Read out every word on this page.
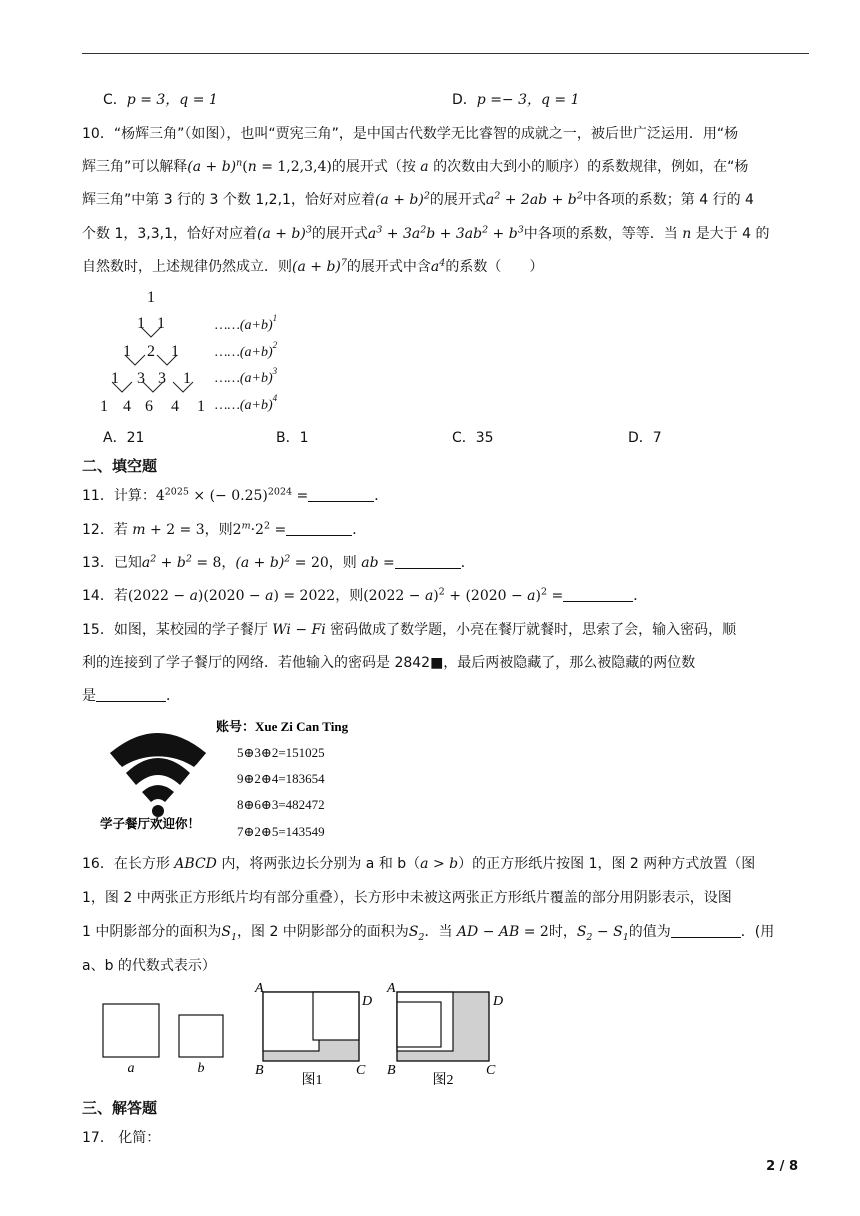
C．p = 3，q = 1	D．p =− 3，q = 1
10．“杨辉三角”（如图），也叫“贾宪三角”，是中国古代数学无比睿智的成就之一，被后世广泛运用．用“杨
辉三角”可以解释$(a + b)^n(n = 1,2,3,4)$的展开式（按 a 的次数由大到小的顺序）的系数规律，例如，在“杨
辉三角”中第 3 行的 3 个数 1,2,1，恰好对应着$(a + b)^2$的展开式$a^2 + 2ab + b^2$中各项的系数；第 4 行的 4
个数 1，3,3,1，恰好对应着$(a + b)^3$的展开式$a^3 + 3a^2b + 3ab^2 + b^3$中各项的系数，等等．当 n 是大于 4 的
自然数时，上述规律仍然成立．则$(a + b)^7$的展开式中含$a^4$的系数（　　）
1
1 1
1 2 1
1 3 3 1
1 4 6 4 1
$\dots\dots(a+b)^1$
$\dots\dots(a+b)^2$
$\dots\dots(a+b)^3$
$\dots\dots(a+b)^4$
A．21	B．1	C．35	D．7
二、填空题
11．计算：$4^{2025}$ × (− 0.25)$^{2024}$ =	．
12．若 m + 2 = 3，则$2^m\cdot 2^2$ =	．
13．已知$a^2 + b^2 = 8$，$(a + b)^2 = 20$，则 ab =	．
14．若(2022 − a)(2020 − a) = 2022，则$(2022 - a)^2 + (2020 - a)^2$ =	．
15．如图，某校园的学子餐厅 Wi − Fi 密码做成了数学题，小亮在餐厅就餐时，思索了会，输入密码，顺
利的连接到了学子餐厅的网络．若他输入的密码是 2842■，最后两被隐藏了，那么被隐藏的两位数
是	．
学子餐厅欢迎你！
账号：Xue Zi Can Ting
5⊕3⊕2=151025
9⊕2⊕4=183654
8⊕6⊕3=482472
7⊕2⊕5=143549
16．在长方形 ABCD 内，将两张边长分别为 a 和 b（a > b）的正方形纸片按图 1，图 2 两种方式放置（图
1，图 2 中两张正方形纸片均有部分重叠），长方形中未被这两张正方形纸片覆盖的部分用阴影表示，设图
1 中阴影部分的面积为$S_1$，图 2 中阴影部分的面积为$S_2$．当 AD − AB = 2时，$S_2 - S_1$的值为	．(用
a、b 的代数式表示）
a	b
A
D
B	C
图1
A
D
B	C
图2
三、解答题
17． 化简：
2 / 8
